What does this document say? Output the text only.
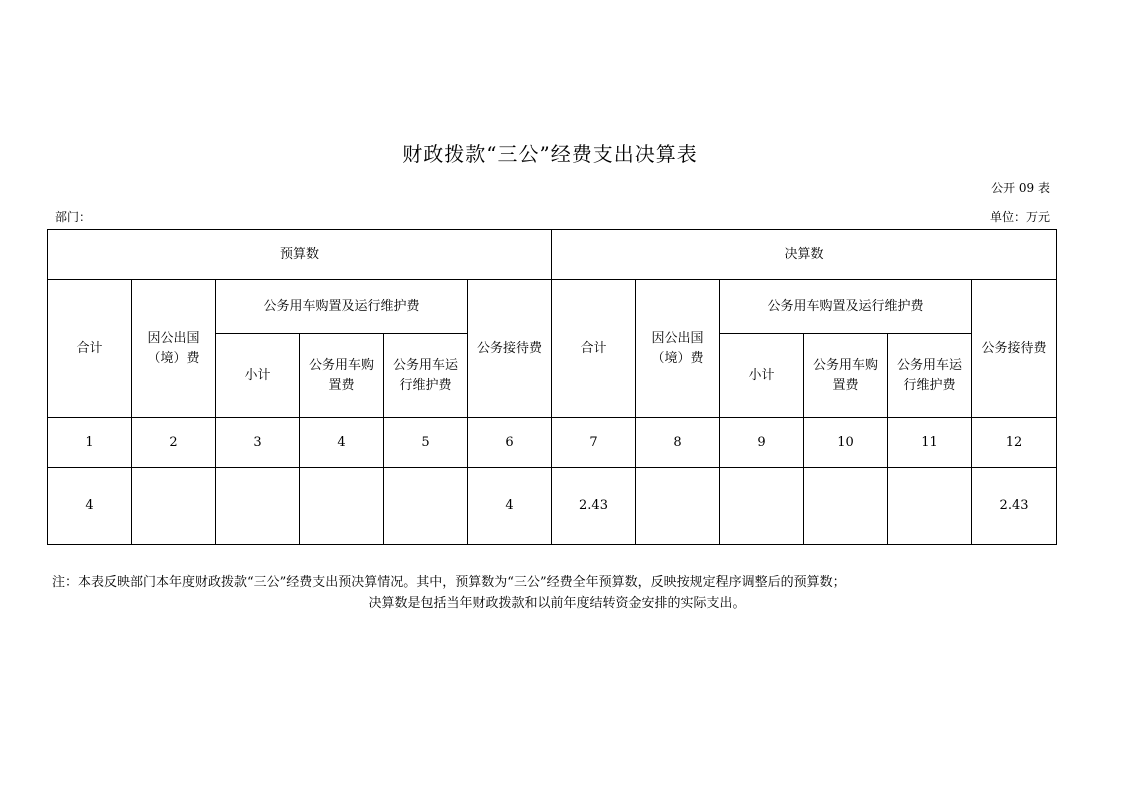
财政拨款“三公”经费支出决算表
公开 09 表
部门：	单位：万元
预算数						决算数					
合计	因公出国（境）费	公务用车购置及运行维护费			公务接待费	合计	因公出国（境）费	公务用车购置及运行维护费			公务接待费
		小计	公务用车购置费	公务用车运行维护费				小计	公务用车购置费	公务用车运行维护费	
1	2	3	4	5	6	7	8	9	10	11	12
4					4	2.43					2.43
注：本表反映部门本年度财政拨款“三公”经费支出预决算情况。其中，预算数为“三公”经费全年预算数，反映按规定程序调整后的预算数；
决算数是包括当年财政拨款和以前年度结转资金安排的实际支出。
